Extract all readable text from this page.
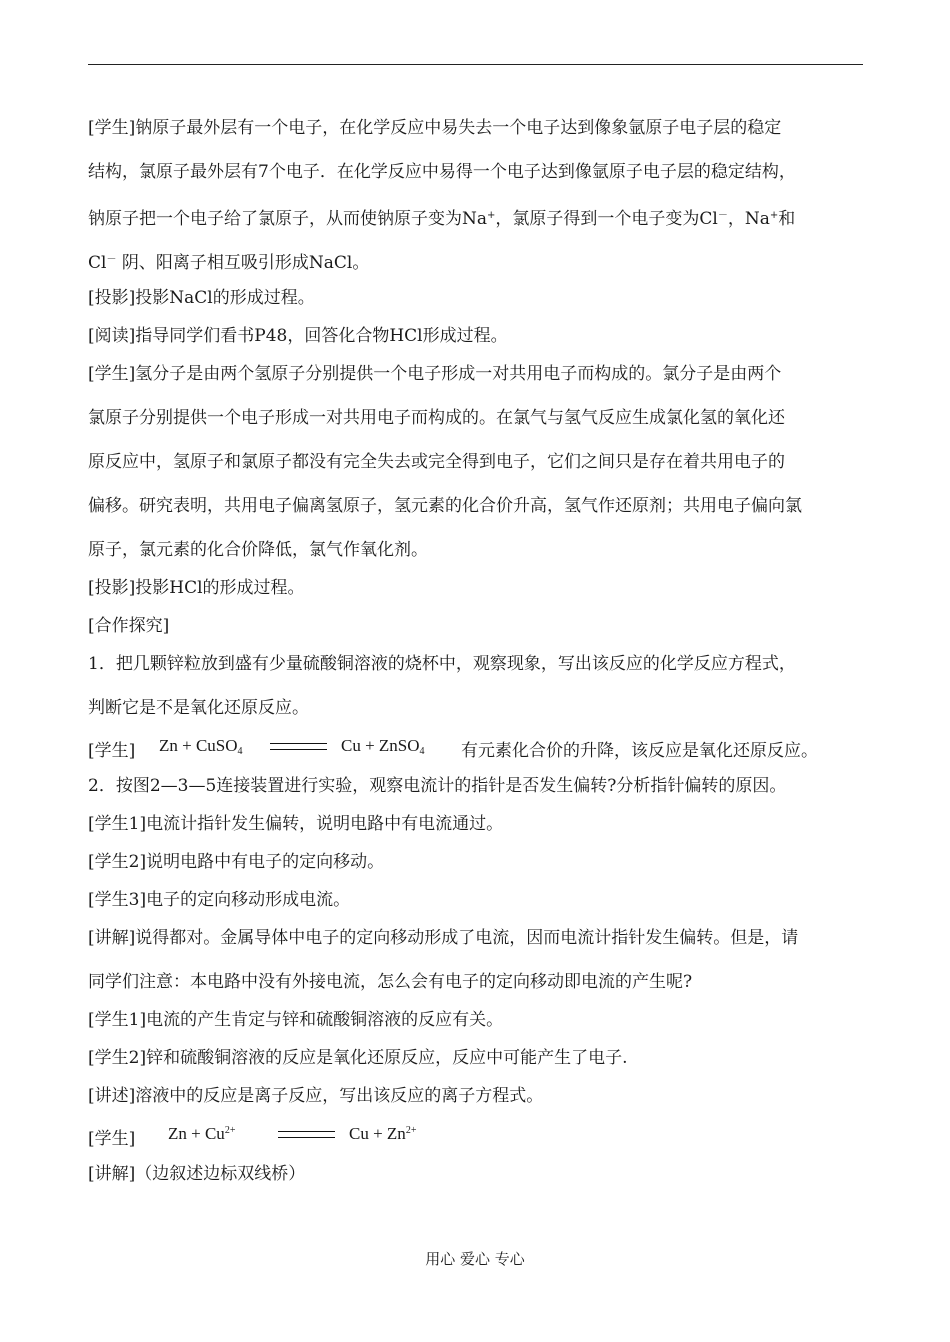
[学生]钠原子最外层有一个电子，在化学反应中易失去一个电子达到像象氩原子电子层的稳定
结构，氯原子最外层有7个电子．在化学反应中易得一个电子达到像氩原子电子层的稳定结构，
钠原子把一个电子给了氯原子，从而使钠原子变为Na+，氯原子得到一个电子变为Cl－，Na+和
Cl－ 阴、阳离子相互吸引形成NaCl。
[投影]投影NaCl的形成过程。
[阅读]指导同学们看书P48，回答化合物HCl形成过程。
[学生]氢分子是由两个氢原子分别提供一个电子形成一对共用电子而构成的。氯分子是由两个
氯原子分别提供一个电子形成一对共用电子而构成的。在氯气与氢气反应生成氯化氢的氧化还
原反应中，氢原子和氯原子都没有完全失去或完全得到电子，它们之间只是存在着共用电子的
偏移。研究表明，共用电子偏离氢原子，氢元素的化合价升高，氢气作还原剂；共用电子偏向氯
原子，氯元素的化合价降低，氯气作氧化剂。
[投影]投影HCl的形成过程。
[合作探究]
1．把几颗锌粒放到盛有少量硫酸铜溶液的烧杯中，观察现象，写出该反应的化学反应方程式，
判断它是不是氧化还原反应。
[学生] Zn + CuSO$_4$	Cu + ZnSO$_4$ 有元素化合价的升降，该反应是氧化还原反应。
2．按图2—3—5连接装置进行实验，观察电流计的指针是否发生偏转?分析指针偏转的原因。
[学生1]电流计指针发生偏转，说明电路中有电流通过。
[学生2]说明电路中有电子的定向移动。
[学生3]电子的定向移动形成电流。
[讲解]说得都对。金属导体中电子的定向移动形成了电流，因而电流计指针发生偏转。但是，请
同学们注意：本电路中没有外接电流，怎么会有电子的定向移动即电流的产生呢?
[学生1]电流的产生肯定与锌和硫酸铜溶液的反应有关。
[学生2]锌和硫酸铜溶液的反应是氧化还原反应，反应中可能产生了电子.
[讲述]溶液中的反应是离子反应，写出该反应的离子方程式。
[学生] $Zn + Cu^{2+}$	$Cu + Zn^{2+}$
[讲解]（边叙述边标双线桥）
用心 爱心 专心
